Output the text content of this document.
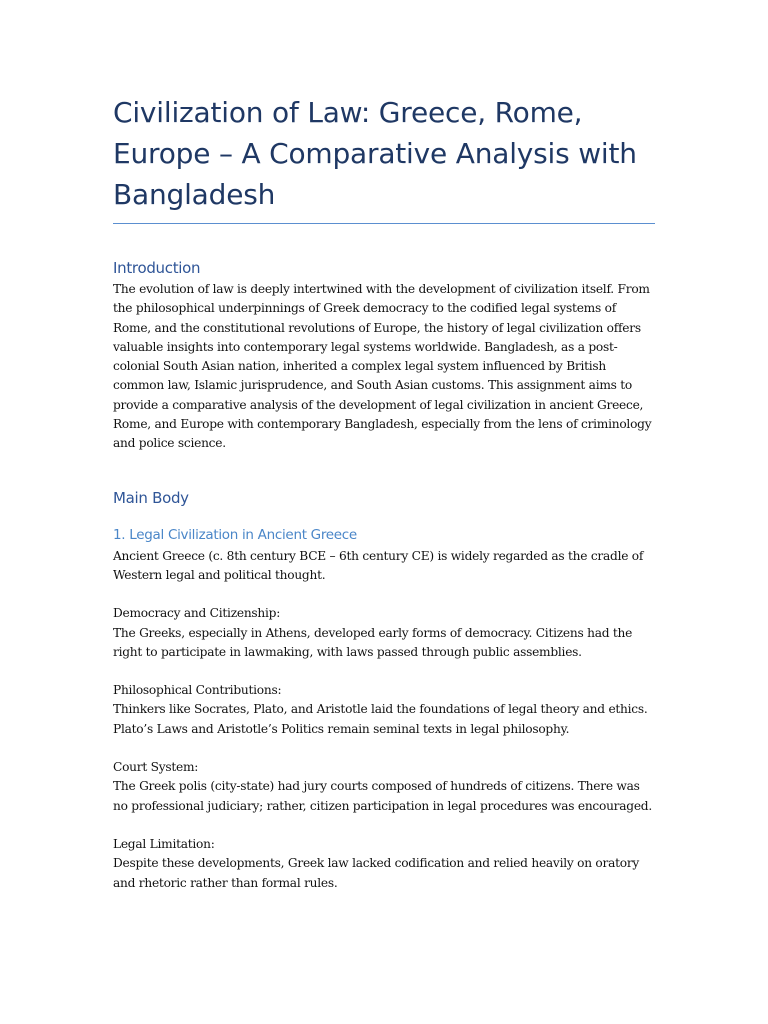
Civilization of Law: Greece, Rome, Europe – A Comparative Analysis with Bangladesh
Introduction

The evolution of law is deeply intertwined with the development of civilization itself. From the philosophical underpinnings of Greek democracy to the codified legal systems of Rome, and the constitutional revolutions of Europe, the history of legal civilization offers valuable insights into contemporary legal systems worldwide. Bangladesh, as a post-colonial South Asian nation, inherited a complex legal system influenced by British common law, Islamic jurisprudence, and South Asian customs. This assignment aims to provide a comparative analysis of the development of legal civilization in ancient Greece, Rome, and Europe with contemporary Bangladesh, especially from the lens of criminology and police science.

Main Body
1. Legal Civilization in Ancient Greece

Ancient Greece (c. 8th century BCE – 6th century CE) is widely regarded as the cradle of Western legal and political thought.

Democracy and Citizenship:

The Greeks, especially in Athens, developed early forms of democracy. Citizens had the right to participate in lawmaking, with laws passed through public assemblies.

Philosophical Contributions:

Thinkers like Socrates, Plato, and Aristotle laid the foundations of legal theory and ethics. Plato’s Laws and Aristotle’s Politics remain seminal texts in legal philosophy.

Court System:

The Greek polis (city-state) had jury courts composed of hundreds of citizens. There was no professional judiciary; rather, citizen participation in legal procedures was encouraged.

Legal Limitation:

Despite these developments, Greek law lacked codification and relied heavily on oratory and rhetoric rather than formal rules.
